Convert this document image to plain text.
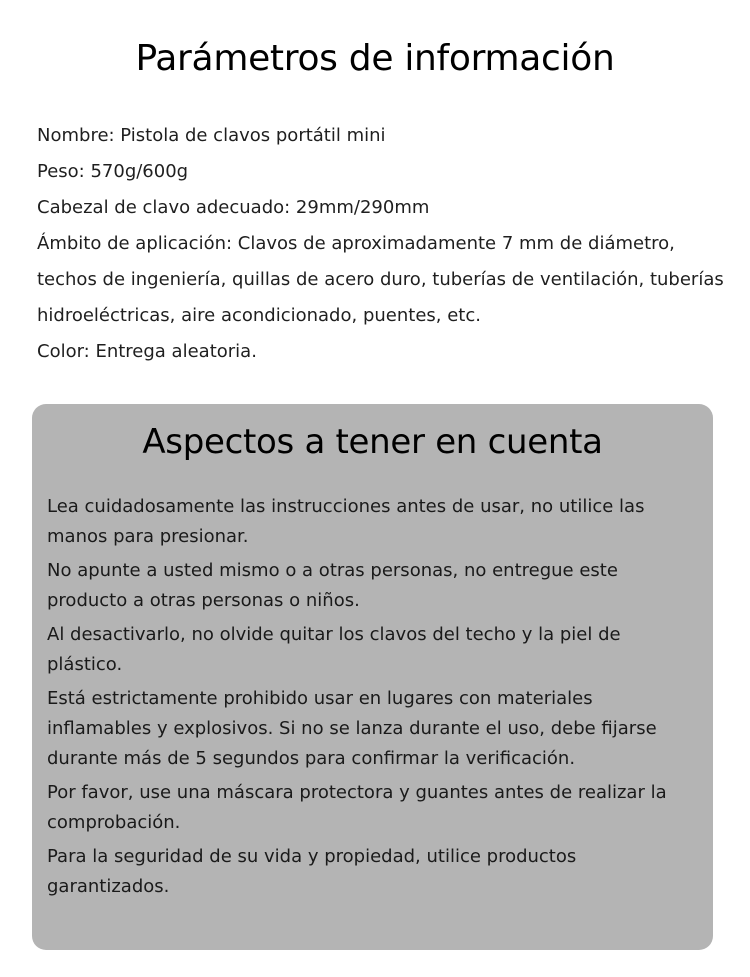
Parámetros de información
Nombre: Pistola de clavos portátil mini
Peso: 570g/600g
Cabezal de clavo adecuado: 29mm/290mm
Ámbito de aplicación: Clavos de aproximadamente 7 mm de diámetro, techos de ingeniería, quillas de acero duro, tuberías de ventilación, tuberías hidroeléctricas, aire acondicionado, puentes, etc.
Color: Entrega aleatoria.
Aspectos a tener en cuenta
Lea cuidadosamente las instrucciones antes de usar, no utilice las manos para presionar.
No apunte a usted mismo o a otras personas, no entregue este producto a otras personas o niños.
Al desactivarlo, no olvide quitar los clavos del techo y la piel de plástico.
Está estrictamente prohibido usar en lugares con materiales inflamables y explosivos. Si no se lanza durante el uso, debe fijarse durante más de 5 segundos para confirmar la verificación.
Por favor, use una máscara protectora y guantes antes de realizar la comprobación.
Para la seguridad de su vida y propiedad, utilice productos garantizados.
